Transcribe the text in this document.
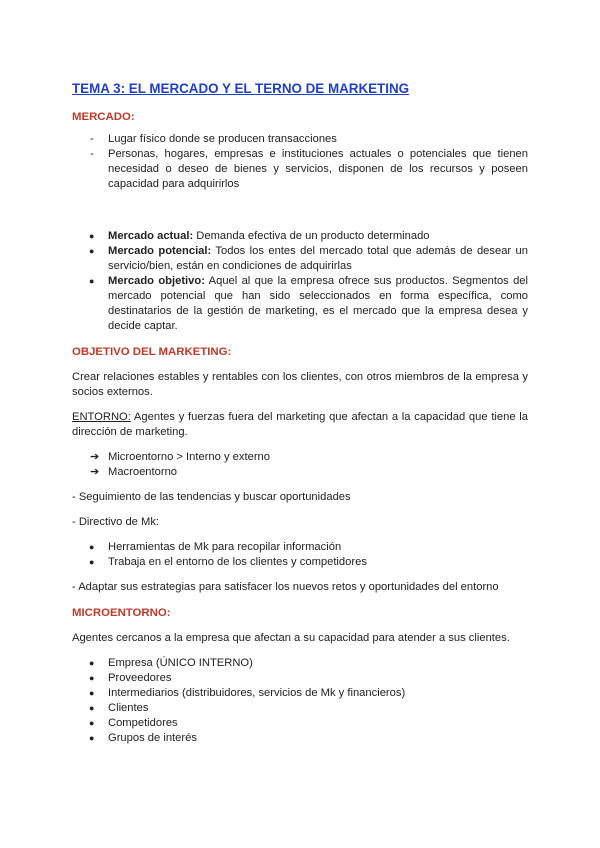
TEMA 3: EL MERCADO Y EL TERNO DE MARKETING
MERCADO:
- Lugar físico donde se producen transacciones
- Personas, hogares, empresas e instituciones actuales o potenciales que tienen necesidad o deseo de bienes y servicios, disponen de los recursos y poseen capacidad para adquirirlos
● Mercado actual: Demanda efectiva de un producto determinado
● Mercado potencial: Todos los entes del mercado total que además de desear un servicio/bien, están en condiciones de adquirirlas
● Mercado objetivo: Aquel al que la empresa ofrece sus productos. Segmentos del mercado potencial que han sido seleccionados en forma específica, como destinatarios de la gestión de marketing, es el mercado que la empresa desea y decide captar.
OBJETIVO DEL MARKETING:

Crear relaciones estables y rentables con los clientes, con otros miembros de la empresa y socios externos.

ENTORNO: Agentes y fuerzas fuera del marketing que afectan a la capacidad que tiene la dirección de marketing.

➔ Microentorno > Interno y externo
➔ Macroentorno

- Seguimiento de las tendencias y buscar oportunidades

- Directivo de Mk:

● Herramientas de Mk para recopilar información
● Trabaja en el entorno de los clientes y competidores

- Adaptar sus estrategias para satisfacer los nuevos retos y oportunidades del entorno

MICROENTORNO:

Agentes cercanos a la empresa que afectan a su capacidad para atender a sus clientes.

● Empresa (ÚNICO INTERNO)
● Proveedores
● Intermediarios (distribuidores, servicios de Mk y financieros)
● Clientes
● Competidores
● Grupos de interés
